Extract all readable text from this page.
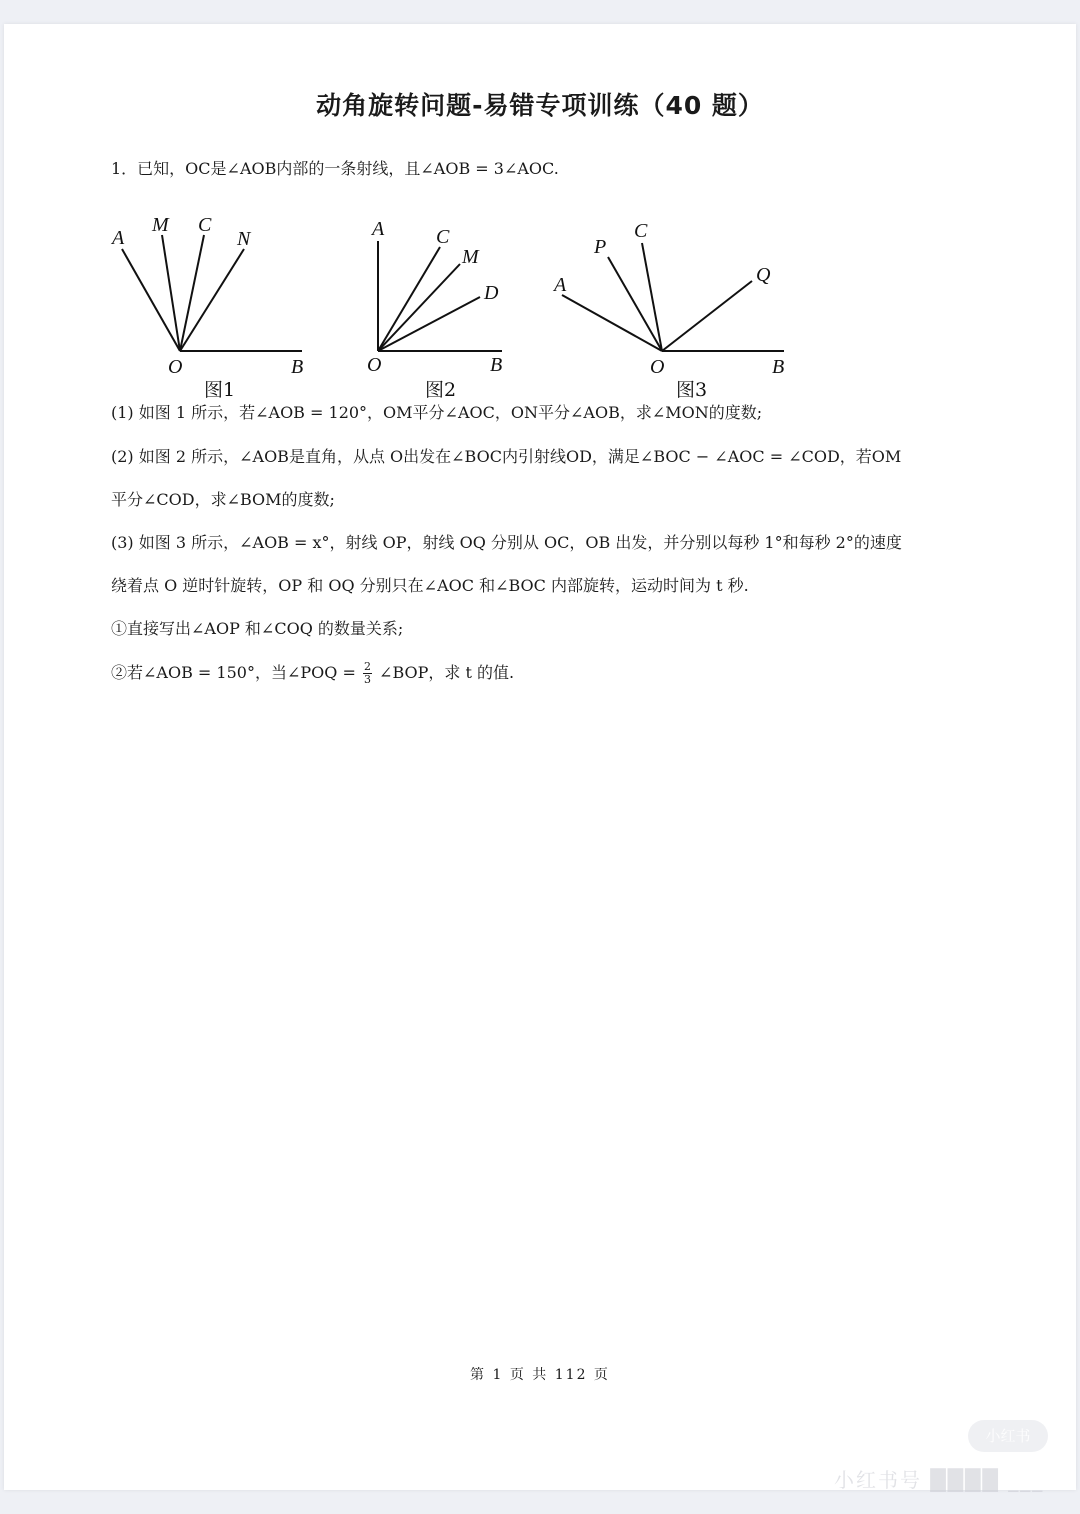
动角旋转问题-易错专项训练（40 题）
1．已知，OC是∠AOB内部的一条射线，且∠AOB = 3∠AOC.
A
M C
N
O	B
图1
A	C
M
D
O	B
图2
A
P
C
Q
O	B
图3
(1) 如图 1 所示，若∠AOB = 120°，OM平分∠AOC，ON平分∠AOB，求∠MON的度数;
(2) 如图 2 所示，∠AOB是直角，从点 O出发在∠BOC内引射线OD，满足∠BOC − ∠AOC = ∠COD，若OM
平分∠COD，求∠BOM的度数;
(3) 如图 3 所示，∠AOB = x°，射线 OP，射线 OQ 分别从 OC，OB 出发，并分别以每秒 1°和每秒 2°的速度
绕着点 O 逆时针旋转，OP 和 OQ 分别只在∠AOC 和∠BOC 内部旋转，运动时间为 t 秒.
①直接写出∠AOP 和∠COQ 的数量关系;
②若∠AOB = 150°，当∠POQ = $\frac{2}{3}$ ∠BOP，求 t 的值.
第 1 页 共 112 页
小红书
小红书号 ████ ___
